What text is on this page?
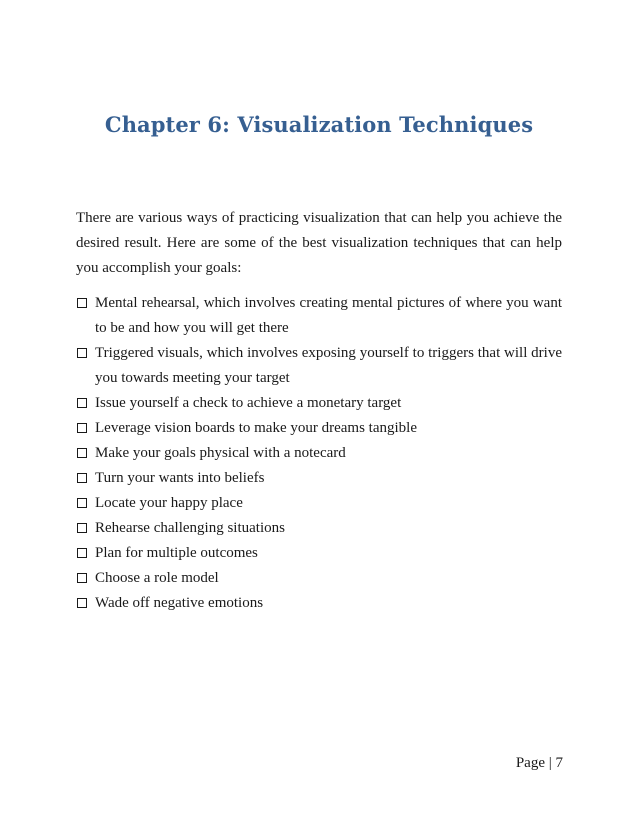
Chapter 6: Visualization Techniques

There are various ways of practicing visualization that can help you achieve the desired result. Here are some of the best visualization techniques that can help you accomplish your goals:

Mental rehearsal, which involves creating mental pictures of where you want to be and how you will get there
Triggered visuals, which involves exposing yourself to triggers that will drive you towards meeting your target
Issue yourself a check to achieve a monetary target
Leverage vision boards to make your dreams tangible
Make your goals physical with a notecard
Turn your wants into beliefs
Locate your happy place
Rehearse challenging situations
Plan for multiple outcomes
Choose a role model
Wade off negative emotions
Page | 7
